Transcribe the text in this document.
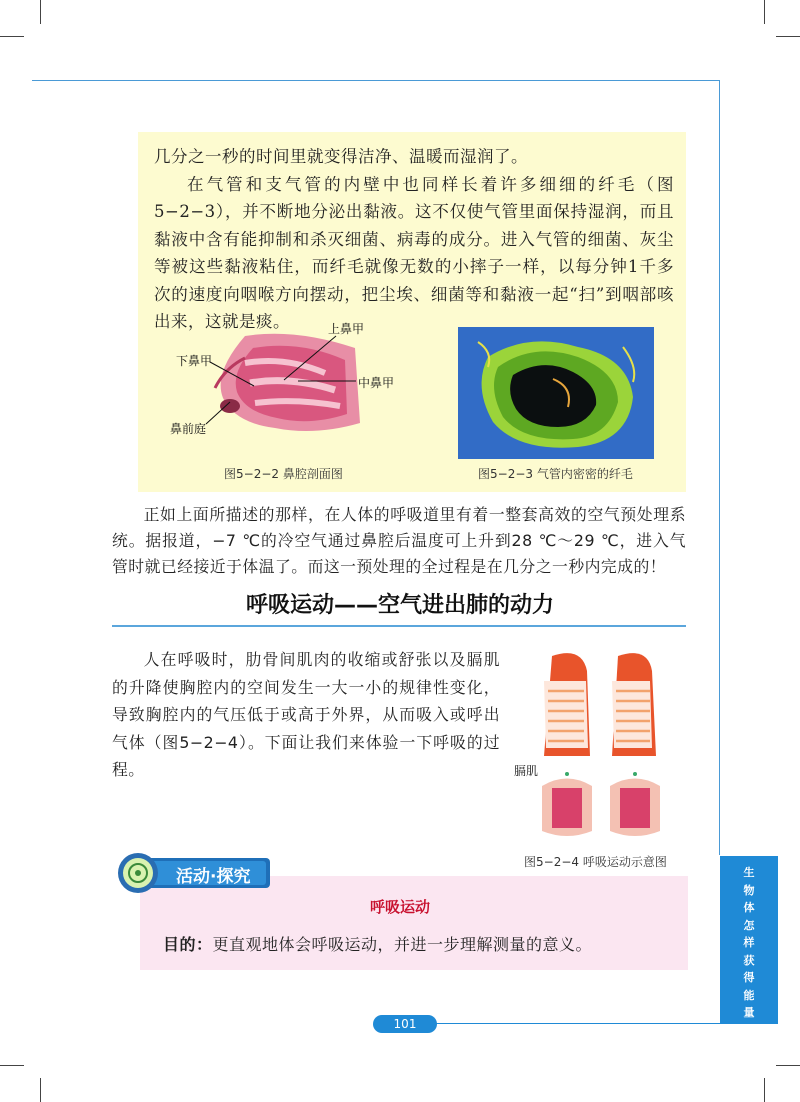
几分之一秒的时间里就变得洁净、温暖而湿润了。

在气管和支气管的内壁中也同样长着许多细细的纤毛（图5−2−3），并不断地分泌出黏液。这不仅使气管里面保持湿润，而且黏液中含有能抑制和杀灭细菌、病毒的成分。进入气管的细菌、灰尘等被这些黏液粘住，而纤毛就像无数的小摔子一样，以每分钟1千多次的速度向咽喉方向摆动，把尘埃、细菌等和黏液一起“扫”到咽部咳出来，这就是痰。	上鼻甲
下鼻甲
中鼻甲
鼻前庭
图5−2−2 鼻腔剖面图	图5−2−3 气管内密密的纤毛
正如上面所描述的那样，在人体的呼吸道里有着一整套高效的空气预处理系统。据报道，−7 ℃的冷空气通过鼻腔后温度可上升到28 ℃～29 ℃，进入气管时就已经接近于体温了。而这一预处理的全过程是在几分之一秒内完成的！
呼吸运动——空气进出肺的动力
人在呼吸时，肋骨间肌肉的收缩或舒张以及膈肌的升降使胸腔内的空间发生一大一小的规律性变化，导致胸腔内的气压低于或高于外界，从而吸入或呼出气体（图5−2−4）。下面让我们来体验一下呼吸的过程。	膈肌
图5−2−4 呼吸运动示意图
生
物
体
怎
样
获
得
能
量
活动·探究
呼吸运动
目的：更直观地体会呼吸运动，并进一步理解测量的意义。
101
